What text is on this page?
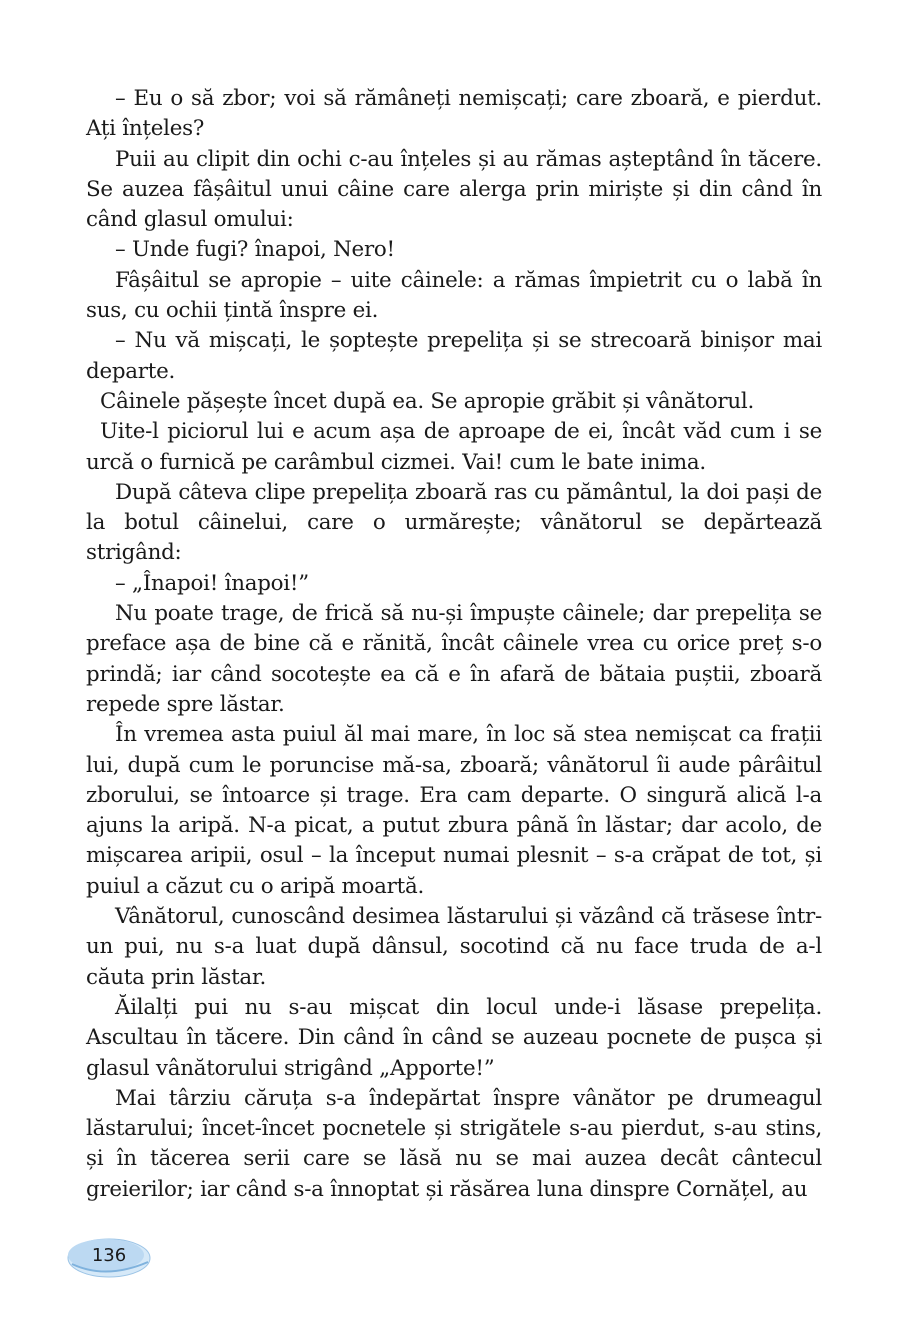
– Eu o să zbor; voi să rămâneți nemișcați; care zboară, e pierdut. Ați înțeles?

Puii au clipit din ochi c-au înțeles și au rămas așteptând în tăcere. Se auzea fâșâitul unui câine care alerga prin miriște și din când în când glasul omului:

– Unde fugi? înapoi, Nero!

Fâșâitul se apropie – uite câinele: a rămas împietrit cu o labă în sus, cu ochii țintă înspre ei.

– Nu vă mișcați, le șoptește prepelița și se strecoară binișor mai departe.

Câinele pășește încet după ea. Se apropie grăbit și vânătorul.

Uite-l piciorul lui e acum așa de aproape de ei, încât văd cum i se urcă o furnică pe carâmbul cizmei. Vai! cum le bate inima.

După câteva clipe prepelița zboară ras cu pământul, la doi pași de la botul câinelui, care o urmărește; vânătorul se depărtează strigând:

– „Înapoi! înapoi!”

Nu poate trage, de frică să nu-și împuște câinele; dar prepelița se preface așa de bine că e rănită, încât câinele vrea cu orice preț s-o prindă; iar când socotește ea că e în afară de bătaia puștii, zboară repede spre lăstar.

În vremea asta puiul ăl mai mare, în loc să stea nemișcat ca frații lui, după cum le poruncise mă-sa, zboară; vânătorul îi aude pârâitul zborului, se întoarce și trage. Era cam departe. O singură alică l-a ajuns la aripă. N-a picat, a putut zbura până în lăstar; dar acolo, de mișcarea aripii, osul – la început numai plesnit – s-a crăpat de tot, și puiul a căzut cu o aripă moartă.

Vânătorul, cunoscând desimea lăstarului și văzând că trăsese într-un pui, nu s-a luat după dânsul, socotind că nu face truda de a-l căuta prin lăstar.

Ăilalți pui nu s-au mișcat din locul unde-i lăsase prepelița. Ascultau în tăcere. Din când în când se auzeau pocnete de pușca și glasul vânătorului strigând „Apporte!”

Mai târziu căruța s-a îndepărtat înspre vânător pe drumeagul lăstarului; încet-încet pocnetele și strigătele s-au pierdut, s-au stins, și în tăcerea serii care se lăsă nu se mai auzea decât cântecul greierilor; iar când s-a înnoptat și răsărea luna dinspre Cornățel, au

136
